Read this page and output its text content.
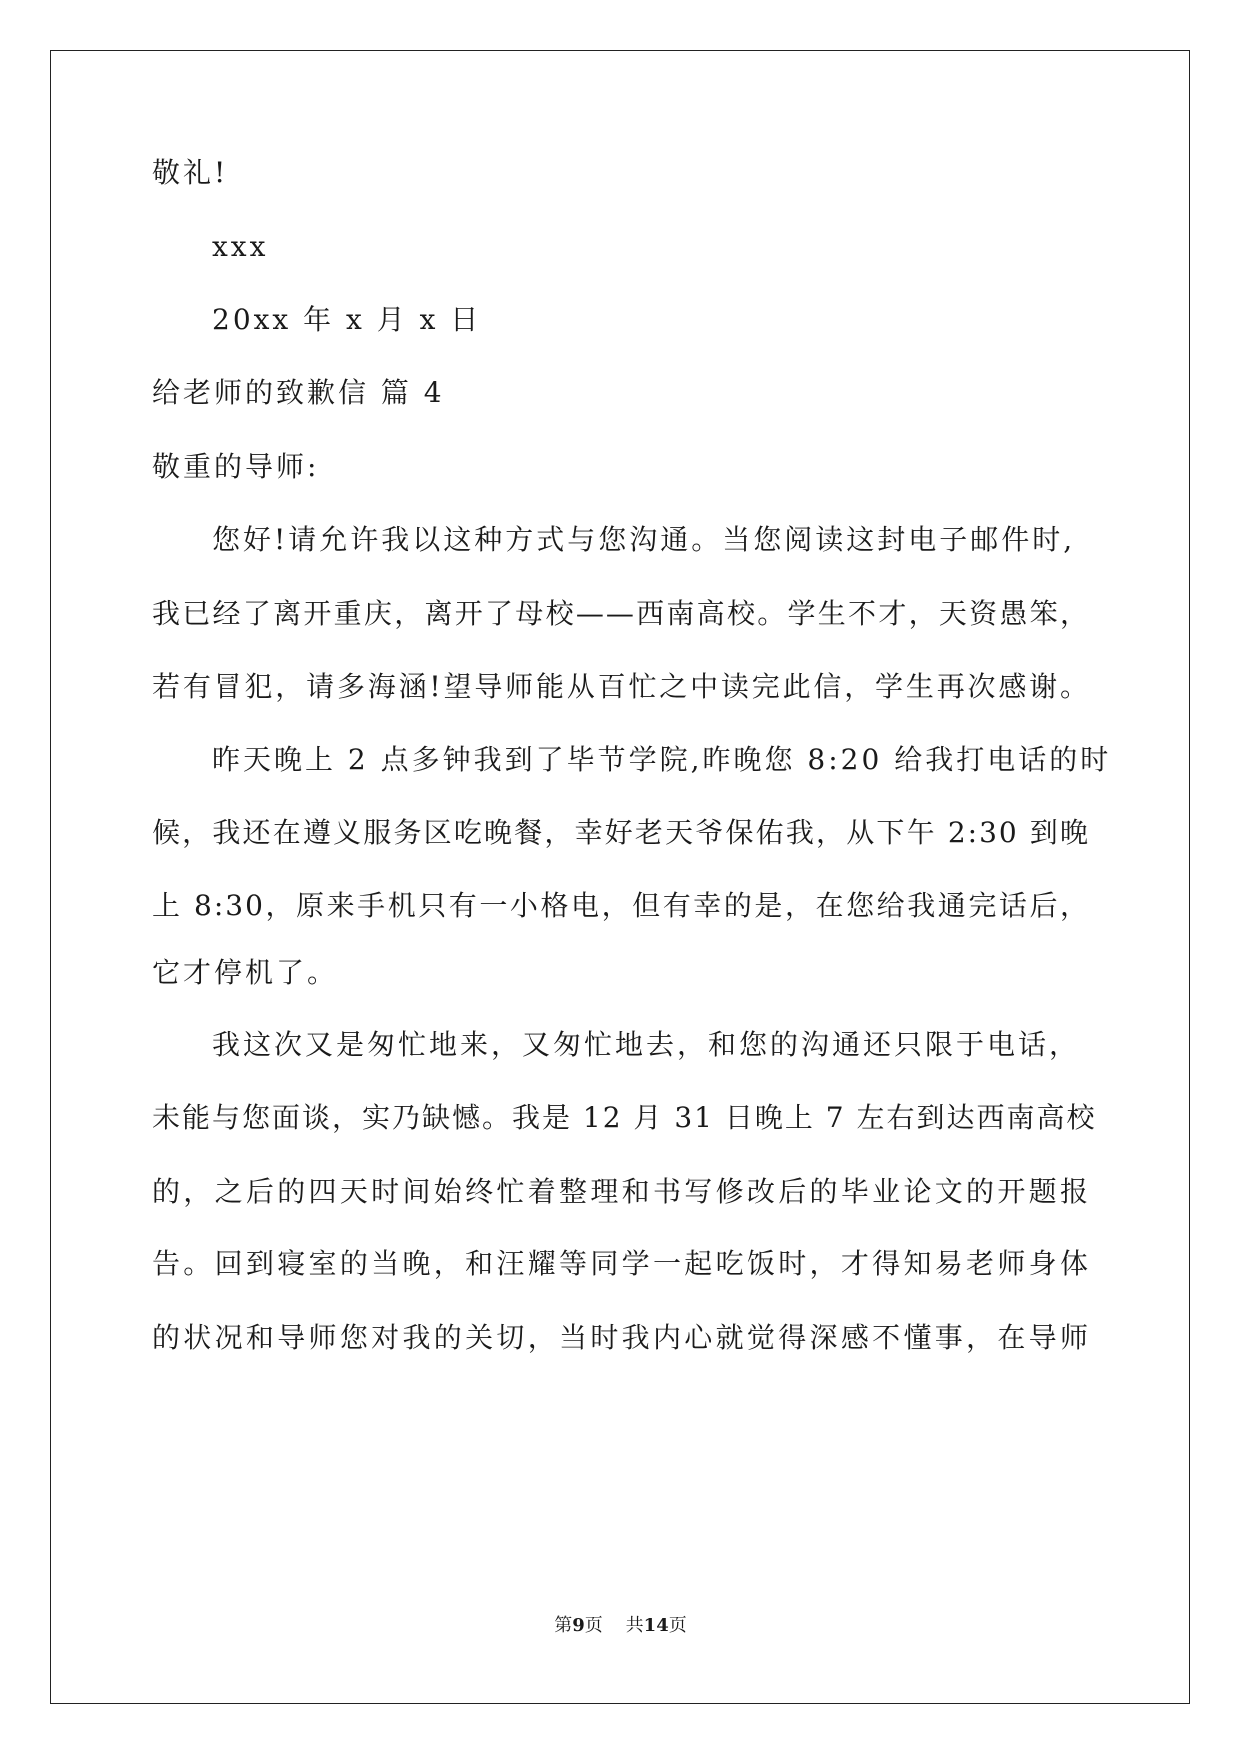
敬礼!
xxx
20xx 年 x 月 x 日
给老师的致歉信 篇 4
敬重的导师:
您好!请允许我以这种方式与您沟通。当您阅读这封电子邮件时,
我已经了离开重庆，离开了母校——西南高校。学生不才，天资愚笨，
若有冒犯，请多海涵!望导师能从百忙之中读完此信，学生再次感谢。
昨天晚上 2 点多钟我到了毕节学院,昨晚您 8:20 给我打电话的时
候，我还在遵义服务区吃晚餐，幸好老天爷保佑我，从下午 2:30 到晚
上 8:30，原来手机只有一小格电，但有幸的是，在您给我通完话后，
它才停机了。
我这次又是匆忙地来，又匆忙地去，和您的沟通还只限于电话，
未能与您面谈，实乃缺憾。我是 12 月 31 日晚上 7 左右到达西南高校
的，之后的四天时间始终忙着整理和书写修改后的毕业论文的开题报
告。回到寝室的当晚，和汪耀等同学一起吃饭时，才得知易老师身体
的状况和导师您对我的关切，当时我内心就觉得深感不懂事，在导师
第9页 共14页
